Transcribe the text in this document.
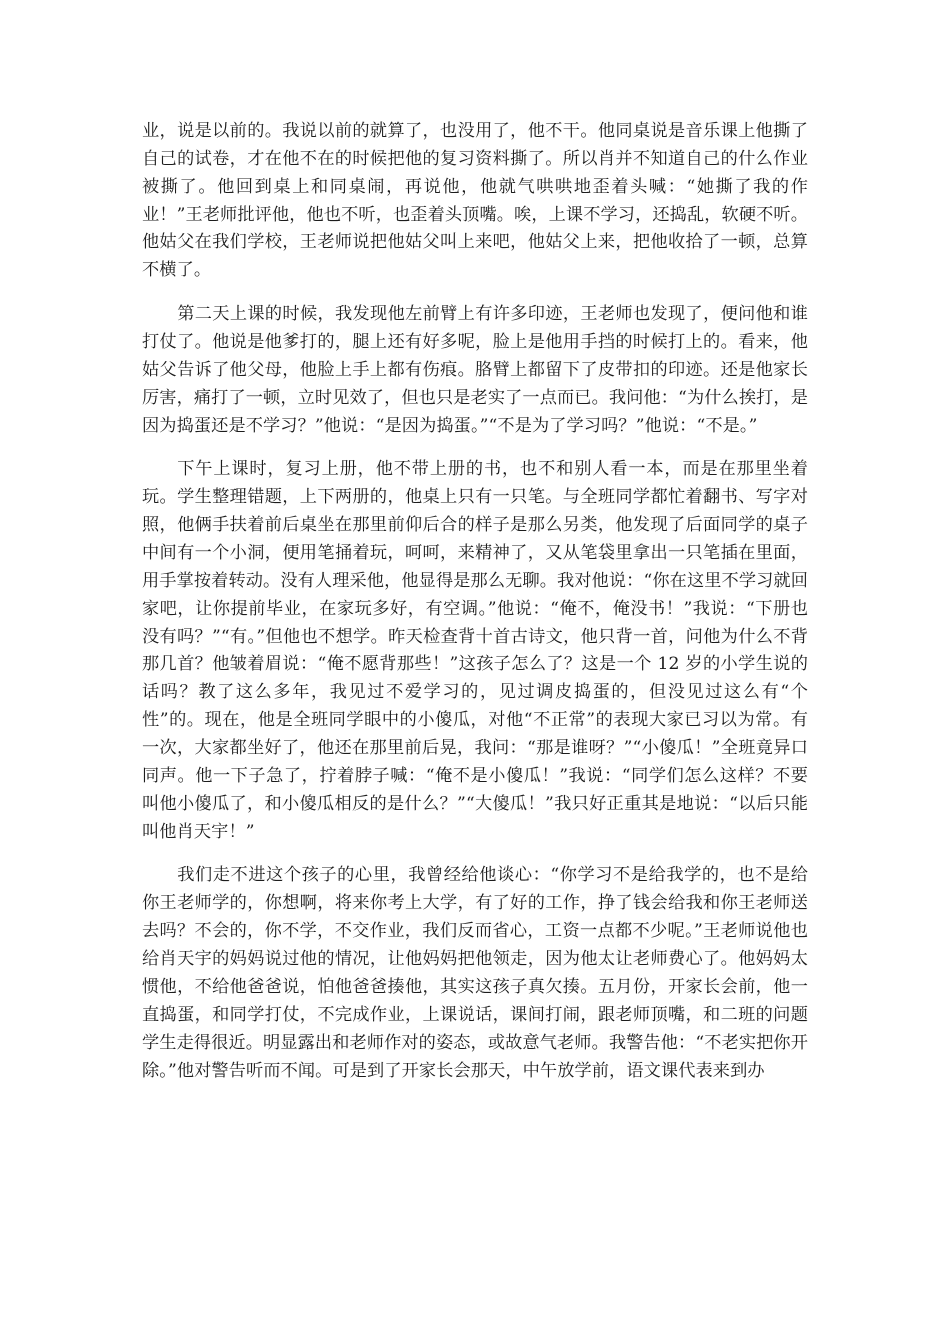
业，说是以前的。我说以前的就算了，也没用了，他不干。他同桌说是音乐课上他撕了自己的试卷，才在他不在的时候把他的复习资料撕了。所以肖并不知道自己的什么作业被撕了。他回到桌上和同桌闹，再说他，他就气哄哄地歪着头喊：“她撕了我的作业！”王老师批评他，他也不听，也歪着头顶嘴。唉，上课不学习，还捣乱，软硬不听。他姑父在我们学校，王老师说把他姑父叫上来吧，他姑父上来，把他收拾了一顿，总算不横了。

第二天上课的时候，我发现他左前臂上有许多印迹，王老师也发现了，便问他和谁打仗了。他说是他爹打的，腿上还有好多呢，脸上是他用手挡的时候打上的。看来，他姑父告诉了他父母，他脸上手上都有伤痕。胳臂上都留下了皮带扣的印迹。还是他家长厉害，痛打了一顿，立时见效了，但也只是老实了一点而已。我问他：“为什么挨打，是因为捣蛋还是不学习？”他说：“是因为捣蛋。”“不是为了学习吗？”他说：“不是。”

下午上课时，复习上册，他不带上册的书，也不和别人看一本，而是在那里坐着玩。学生整理错题，上下两册的，他桌上只有一只笔。与全班同学都忙着翻书、写字对照，他俩手扶着前后桌坐在那里前仰后合的样子是那么另类，他发现了后面同学的桌子中间有一个小洞，便用笔捅着玩，呵呵，来精神了，又从笔袋里拿出一只笔插在里面，用手掌按着转动。没有人理采他，他显得是那么无聊。我对他说：“你在这里不学习就回家吧，让你提前毕业，在家玩多好，有空调。”他说：“俺不，俺没书！”我说：“下册也没有吗？”“有。”但他也不想学。昨天检查背十首古诗文，他只背一首，问他为什么不背那几首？他皱着眉说：“俺不愿背那些！”这孩子怎么了？这是一个 12 岁的小学生说的话吗？教了这么多年，我见过不爱学习的，见过调皮捣蛋的，但没见过这么有“个性”的。现在，他是全班同学眼中的小傻瓜，对他“不正常”的表现大家已习以为常。有一次，大家都坐好了，他还在那里前后晃，我问：“那是谁呀？”“小傻瓜！”全班竟异口同声。他一下子急了，拧着脖子喊：“俺不是小傻瓜！”我说：“同学们怎么这样？不要叫他小傻瓜了，和小傻瓜相反的是什么？”“大傻瓜！”我只好正重其是地说：“以后只能叫他肖天宇！”

我们走不进这个孩子的心里，我曾经给他谈心：“你学习不是给我学的，也不是给你王老师学的，你想啊，将来你考上大学，有了好的工作，挣了钱会给我和你王老师送去吗？不会的，你不学，不交作业，我们反而省心，工资一点都不少呢。”王老师说他也给肖天宇的妈妈说过他的情况，让他妈妈把他领走，因为他太让老师费心了。他妈妈太惯他，不给他爸爸说，怕他爸爸揍他，其实这孩子真欠揍。五月份，开家长会前，他一直捣蛋，和同学打仗，不完成作业，上课说话，课间打闹，跟老师顶嘴，和二班的问题学生走得很近。明显露出和老师作对的姿态，或故意气老师。我警告他：“不老实把你开除。”他对警告听而不闻。可是到了开家长会那天，中午放学前，语文课代表来到办
